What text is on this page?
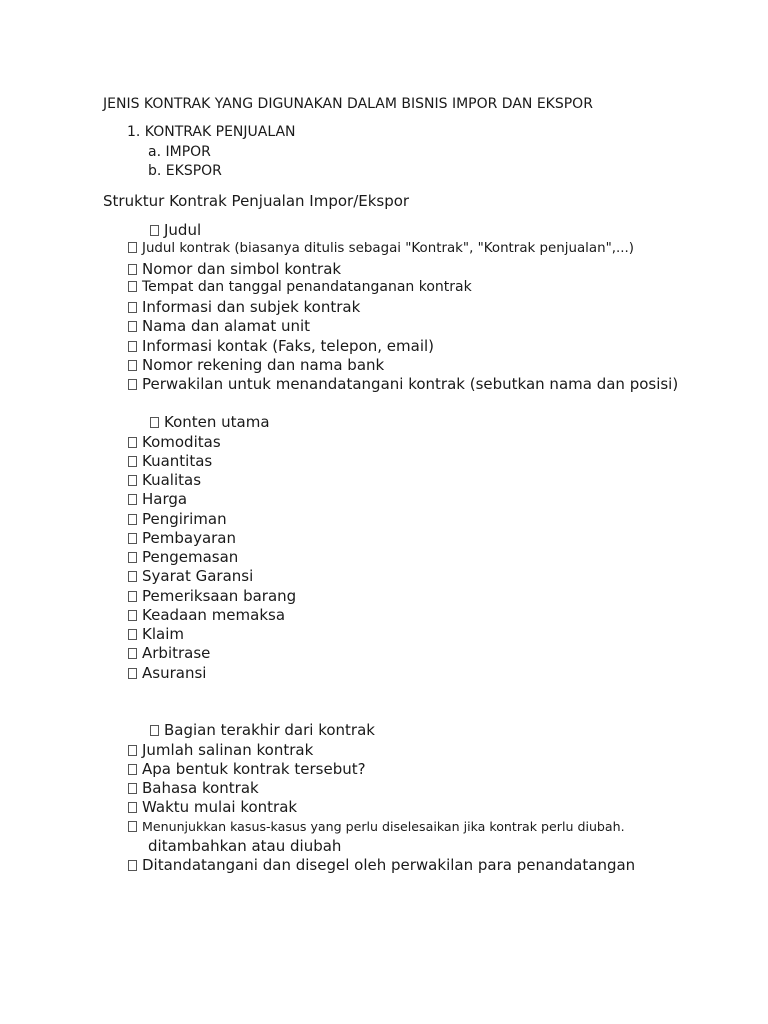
JENIS KONTRAK YANG DIGUNAKAN DALAM BISNIS IMPOR DAN EKSPOR
1. KONTRAK PENJUALAN
a. IMPOR
b. EKSPOR
Struktur Kontrak Penjualan Impor/Ekspor
Judul
Judul kontrak (biasanya ditulis sebagai "Kontrak", "Kontrak penjualan",...)
Nomor dan simbol kontrak
Tempat dan tanggal penandatanganan kontrak
Informasi dan subjek kontrak
Nama dan alamat unit
Informasi kontak (Faks, telepon, email)
Nomor rekening dan nama bank
Perwakilan untuk menandatangani kontrak (sebutkan nama dan posisi)
Konten utama
Komoditas
Kuantitas
Kualitas
Harga
Pengiriman
Pembayaran
Pengemasan
Syarat Garansi
Pemeriksaan barang
Keadaan memaksa
Klaim
Arbitrase
Asuransi
Bagian terakhir dari kontrak
Jumlah salinan kontrak
Apa bentuk kontrak tersebut?
Bahasa kontrak
Waktu mulai kontrak
Menunjukkan kasus-kasus yang perlu diselesaikan jika kontrak perlu diubah.
ditambahkan atau diubah
Ditandatangani dan disegel oleh perwakilan para penandatangan
